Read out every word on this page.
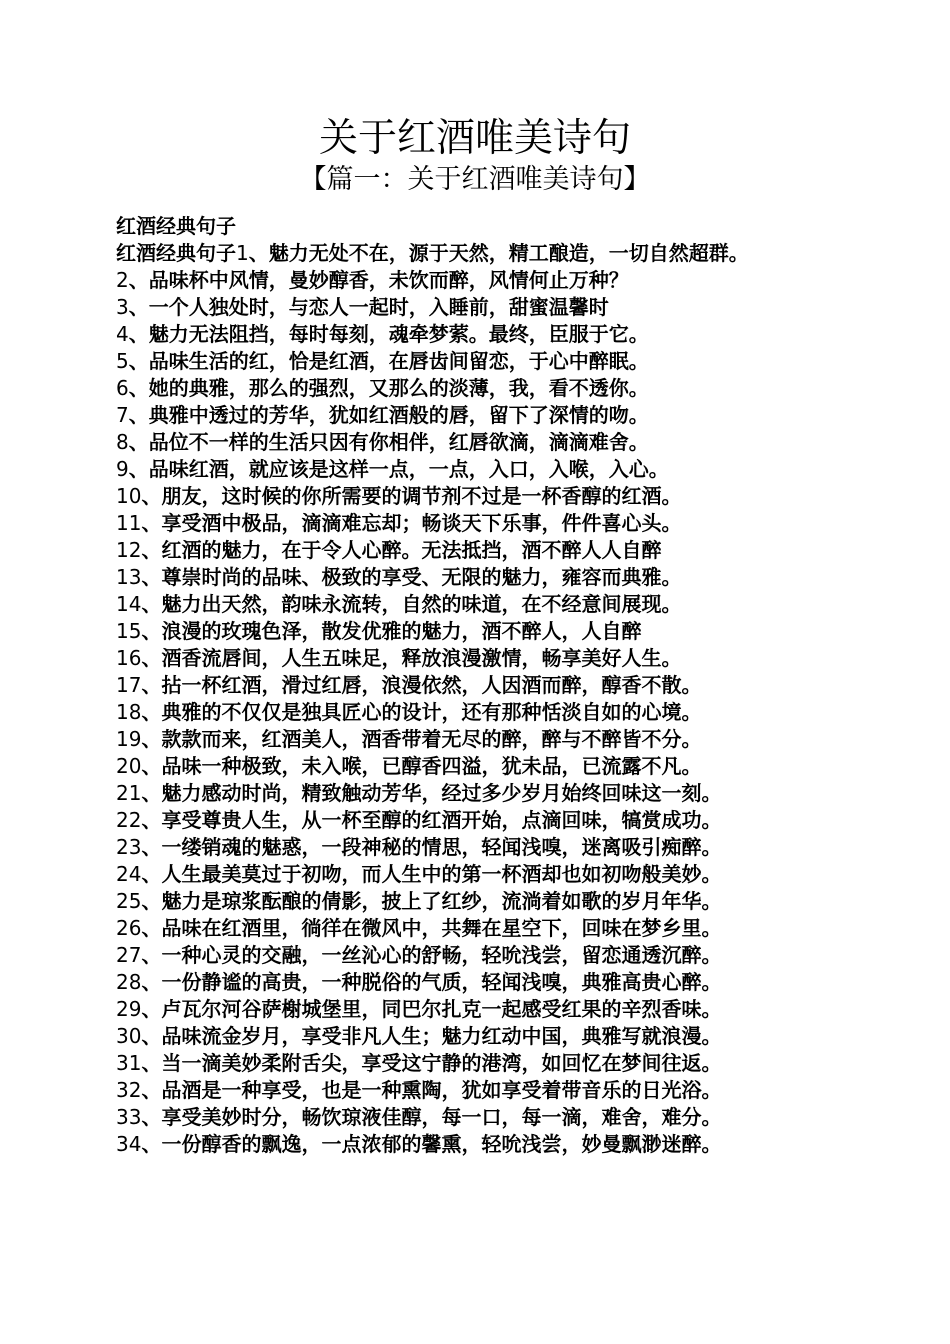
关于红酒唯美诗句
【篇一：关于红酒唯美诗句】
红酒经典句子

红酒经典句子1、魅力无处不在，源于天然，精工酿造，一切自然超群。

2、品味杯中风情，曼妙醇香，未饮而醉，风情何止万种？
3、一个人独处时，与恋人一起时，入睡前，甜蜜温馨时
4、魅力无法阻挡，每时每刻，魂牵梦萦。最终，臣服于它。
5、品味生活的红，恰是红酒，在唇齿间留恋，于心中醉眠。
6、她的典雅，那么的强烈，又那么的淡薄，我，看不透你。
7、典雅中透过的芳华，犹如红酒般的唇，留下了深情的吻。
8、品位不一样的生活只因有你相伴，红唇欲滴，滴滴难舍。
9、品味红酒，就应该是这样一点，一点，入口，入喉，入心。
10、朋友，这时候的你所需要的调节剂不过是一杯香醇的红酒。
11、享受酒中极品，滴滴难忘却；畅谈天下乐事，件件喜心头。
12、红酒的魅力，在于令人心醉。无法抵挡，酒不醉人人自醉
13、尊崇时尚的品味、极致的享受、无限的魅力，雍容而典雅。
14、魅力出天然，韵味永流转，自然的味道，在不经意间展现。
15、浪漫的玫瑰色泽，散发优雅的魅力，酒不醉人，人自醉
16、酒香流唇间，人生五味足，释放浪漫激情，畅享美好人生。
17、拈一杯红酒，滑过红唇，浪漫依然，人因酒而醉，醇香不散。
18、典雅的不仅仅是独具匠心的设计，还有那种恬淡自如的心境。
19、款款而来，红酒美人，酒香带着无尽的醉，醉与不醉皆不分。
20、品味一种极致，未入喉，已醇香四溢，犹未品，已流露不凡。
21、魅力感动时尚，精致触动芳华，经过多少岁月始终回味这一刻。
22、享受尊贵人生，从一杯至醇的红酒开始，点滴回味，犒赏成功。
23、一缕销魂的魅惑，一段神秘的情思，轻闻浅嗅，迷离吸引痴醉。
24、人生最美莫过于初吻，而人生中的第一杯酒却也如初吻般美妙。
25、魅力是琼浆酝酿的倩影，披上了红纱，流淌着如歌的岁月年华。
26、品味在红酒里，徜徉在微风中，共舞在星空下，回味在梦乡里。
27、一种心灵的交融，一丝沁心的舒畅，轻吮浅尝，留恋通透沉醉。
28、一份静谧的高贵，一种脱俗的气质，轻闻浅嗅，典雅高贵心醉。
29、卢瓦尔河谷萨榭城堡里，同巴尔扎克一起感受红果的辛烈香味。
30、品味流金岁月，享受非凡人生；魅力红动中国，典雅写就浪漫。
31、当一滴美妙柔附舌尖，享受这宁静的港湾，如回忆在梦间往返。
32、品酒是一种享受，也是一种熏陶，犹如享受着带音乐的日光浴。
33、享受美妙时分，畅饮琼液佳醇，每一口，每一滴，难舍，难分。
34、一份醇香的飘逸，一点浓郁的馨熏，轻吮浅尝，妙曼飘渺迷醉。
